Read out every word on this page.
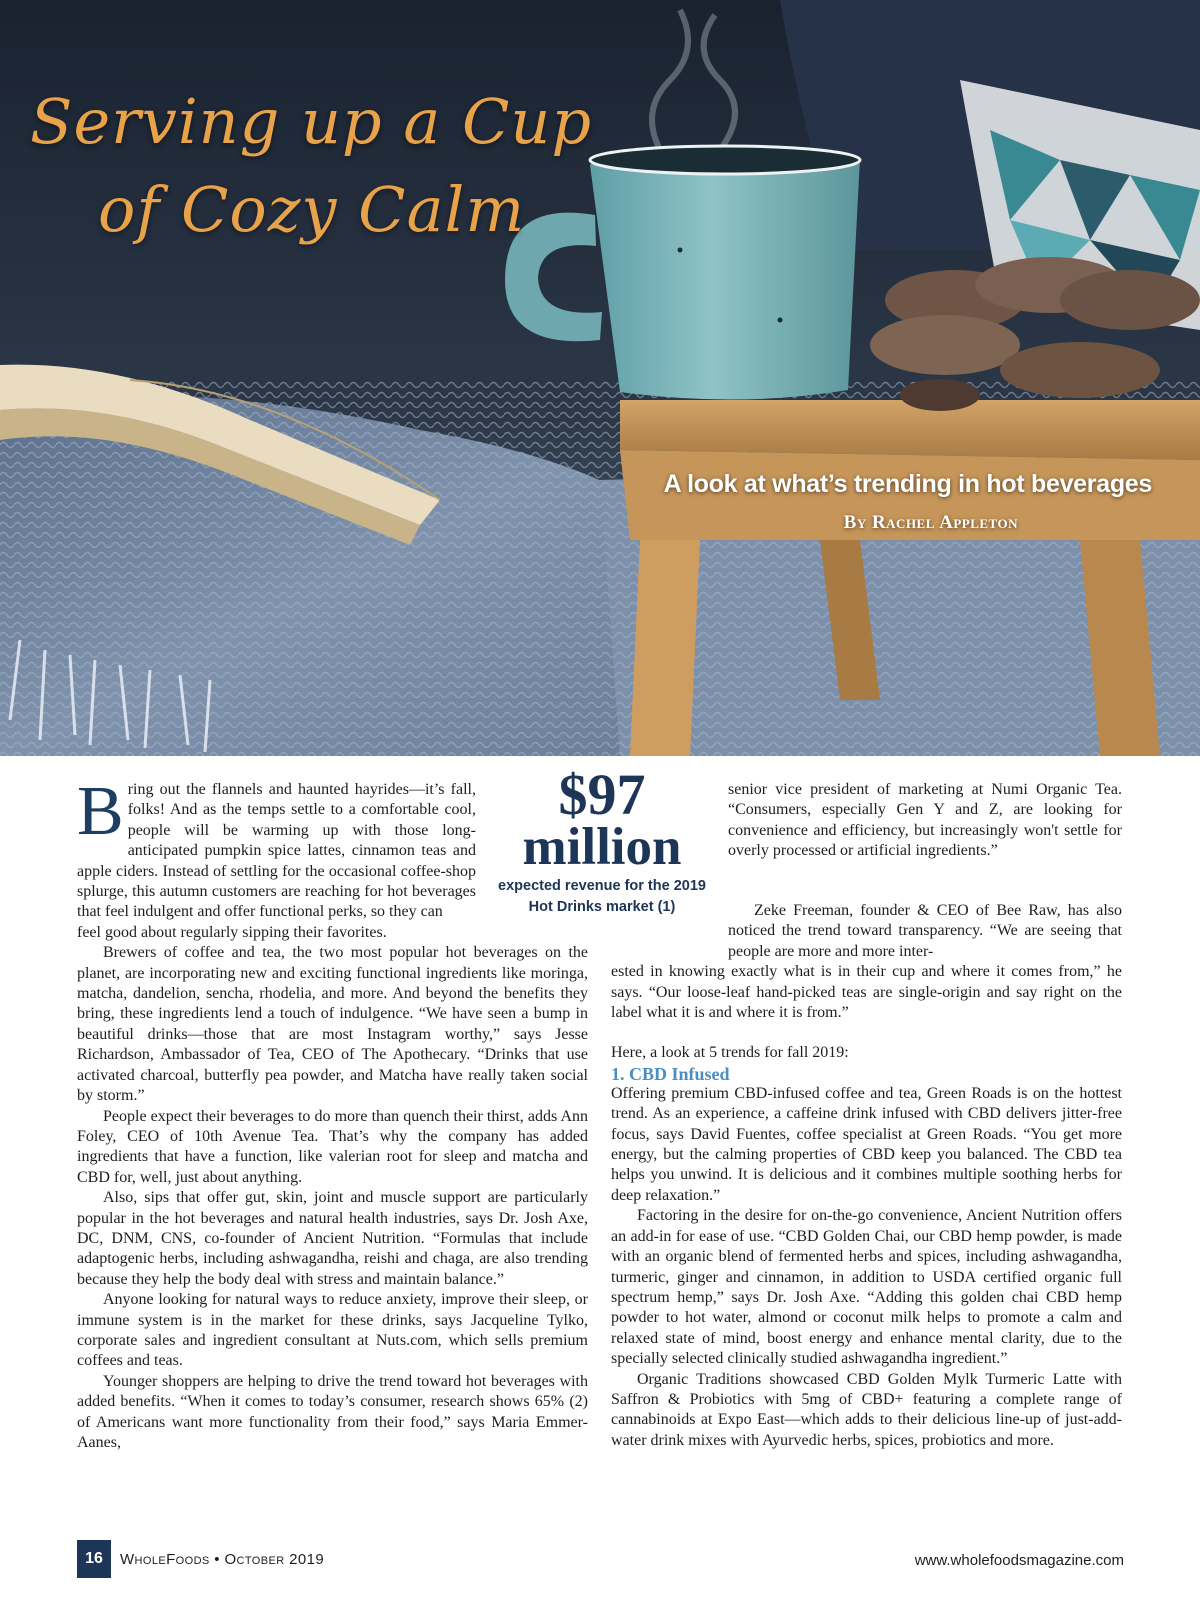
Serving up a Cup
of Cozy Calm
A look at what’s trending in hot beverages
By Rachel Appleton
$97
million
expected revenue for the 2019
Hot Drinks market (1)

Bring out the flannels and haunted hayrides—it’s fall, folks! And as the temps settle to a comfortable cool, people will be warming up with those long-anticipated pumpkin spice lattes, cinnamon teas and apple ciders. Instead of settling for the occasional coffee-shop splurge, this autumn customers are reaching for hot beverages that feel indulgent and offer functional perks, so they can

feel good about regularly sipping their favorites.

Brewers of coffee and tea, the two most popular hot beverages on the planet, are incorporating new and exciting functional ingredients like moringa, matcha, dandelion, sencha, rhodelia, and more. And beyond the benefits they bring, these ingredients lend a touch of indulgence. “We have seen a bump in beautiful drinks—those that are most Instagram worthy,” says Jesse Richardson, Ambassador of Tea, CEO of The Apothecary. “Drinks that use activated charcoal, butterfly pea powder, and Matcha have really taken social by storm.”

People expect their beverages to do more than quench their thirst, adds Ann Foley, CEO of 10th Avenue Tea. That’s why the company has added ingredients that have a function, like valerian root for sleep and matcha and CBD for, well, just about anything.

Also, sips that offer gut, skin, joint and muscle support are particularly popular in the hot beverages and natural health industries, says Dr. Josh Axe, DC, DNM, CNS, co-founder of Ancient Nutrition. “Formulas that include adaptogenic herbs, including ashwagandha, reishi and chaga, are also trending because they help the body deal with stress and maintain balance.”

Anyone looking for natural ways to reduce anxiety, improve their sleep, or immune system is in the market for these drinks, says Jacqueline Tylko, corporate sales and ingredient consultant at Nuts.com, which sells premium coffees and teas.

Younger shoppers are helping to drive the trend toward hot beverages with added benefits. “When it comes to today’s consumer, research shows 65% (2) of Americans want more functionality from their food,” says Maria Emmer-Aanes,

senior vice president of marketing at Numi Organic Tea. “Consumers, especially Gen Y and Z, are looking for convenience and efficiency, but increasingly won't settle for overly processed or artificial ingredients.”

Zeke Freeman, founder & CEO of Bee Raw, has also noticed the trend toward transparency. “We are seeing that people are more and more inter-

ested in knowing exactly what is in their cup and where it comes from,” he says. “Our loose-leaf hand-picked teas are single-origin and say right on the label what it is and where it is from.”

Here, a look at 5 trends for fall 2019:

1. CBD Infused

Offering premium CBD-infused coffee and tea, Green Roads is on the hottest trend. As an experience, a caffeine drink infused with CBD delivers jitter-free focus, says David Fuentes, coffee specialist at Green Roads. “You get more energy, but the calming properties of CBD keep you balanced. The CBD tea helps you unwind. It is delicious and it combines multiple soothing herbs for deep relaxation.”

Factoring in the desire for on-the-go convenience, Ancient Nutrition offers an add-in for ease of use. “CBD Golden Chai, our CBD hemp powder, is made with an organic blend of fermented herbs and spices, including ashwagandha, turmeric, ginger and cinnamon, in addition to USDA certified organic full spectrum hemp,” says Dr. Josh Axe. “Adding this golden chai CBD hemp powder to hot water, almond or coconut milk helps to promote a calm and relaxed state of mind, boost energy and enhance mental clarity, due to the specially selected clinically studied ashwagandha ingredient.”

Organic Traditions showcased CBD Golden Mylk Turmeric Latte with Saffron & Probiotics with 5mg of CBD+ featuring a complete range of cannabinoids at Expo East—which adds to their delicious line-up of just-add-water drink mixes with Ayurvedic herbs, spices, probiotics and more.

16	WholeFoods • October 2019	www.wholefoodsmagazine.com
